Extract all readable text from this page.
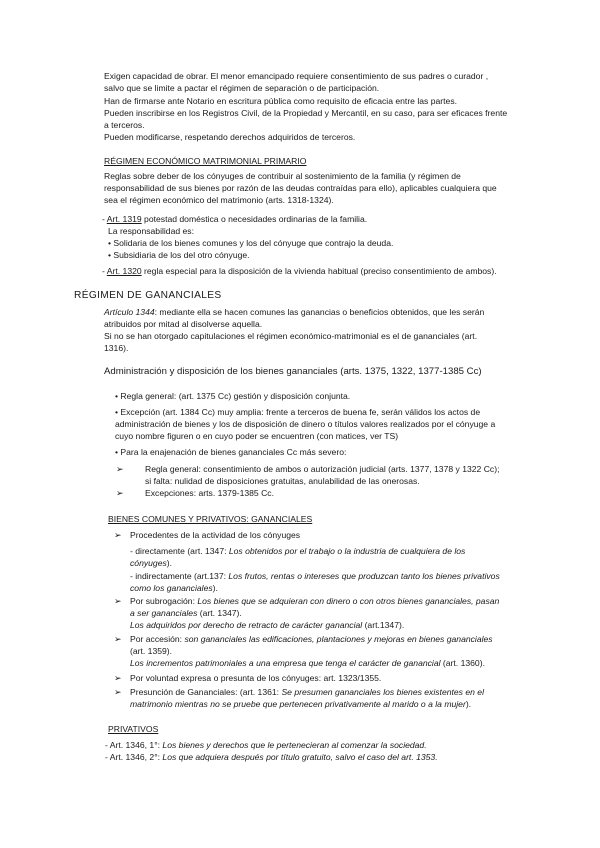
Exigen capacidad de obrar. El menor emancipado requiere consentimiento de sus padres o curador ,

salvo que se limite a pactar el régimen de separación o de participación.

Han de firmarse ante Notario en escritura pública como requisito de eficacia entre las partes.

Pueden inscribirse en los Registros Civil, de la Propiedad y Mercantil, en su caso, para ser eficaces frente

a terceros.

Pueden modificarse, respetando derechos adquiridos de terceros.

RÉGIMEN ECONÓMICO MATRIMONIAL PRIMARIO

Reglas sobre deber de los cónyuges de contribuir al sostenimiento de la familia (y régimen de

responsabilidad de sus bienes por razón de las deudas contraídas para ello), aplicables cualquiera que

sea el régimen económico del matrimonio (arts. 1318-1324).

- Art. 1319 potestad doméstica o necesidades ordinarias de la familia.

La responsabilidad es:

• Solidaria de los bienes comunes y los del cónyuge que contrajo la deuda.

• Subsidiaria de los del otro cónyuge.

- Art. 1320 regla especial para la disposición de la vivienda habitual (preciso consentimiento de ambos).

RÉGIMEN DE GANANCIALES

Artículo 1344: mediante ella se hacen comunes las ganancias o beneficios obtenidos, que les serán

atribuidos por mitad al disolverse aquella.

Si no se han otorgado capitulaciones el régimen económico-matrimonial es el de gananciales (art.

1316).

Administración y disposición de los bienes gananciales (arts. 1375, 1322, 1377-1385 Cc)

• Regla general: (art. 1375 Cc) gestión y disposición conjunta.

• Excepción (art. 1384 Cc) muy amplia: frente a terceros de buena fe, serán válidos los actos de

administración de bienes y los de disposición de dinero o títulos valores realizados por el cónyuge a

cuyo nombre figuren o en cuyo poder se encuentren (con matices, ver TS)

• Para la enajenación de bienes gananciales Cc más severo:

➢ Regla general: consentimiento de ambos o autorización judicial (arts. 1377, 1378 y 1322 Cc);

si falta: nulidad de disposiciones gratuitas, anulabilidad de las onerosas.

➢ Excepciones: arts. 1379-1385 Cc.

BIENES COMUNES Y PRIVATIVOS: GANANCIALES

➢ Procedentes de la actividad de los cónyuges

- directamente (art. 1347: Los obtenidos por el trabajo o la industria de cualquiera de los

cónyuges).

- indirectamente (art.137: Los frutos, rentas o intereses que produzcan tanto los bienes privativos

como los gananciales).

➢ Por subrogación: Los bienes que se adquieran con dinero o con otros bienes gananciales, pasan

a ser gananciales (art. 1347).

Los adquiridos por derecho de retracto de carácter ganancial (art.1347).

➢ Por accesión: son gananciales las edificaciones, plantaciones y mejoras en bienes gananciales

(art. 1359).

Los incrementos patrimoniales a una empresa que tenga el carácter de ganancial (art. 1360).

➢ Por voluntad expresa o presunta de los cónyuges: art. 1323/1355.

➢ Presunción de Gananciales: (art. 1361: Se presumen gananciales los bienes existentes en el

matrimonio mientras no se pruebe que pertenecen privativamente al marido o a la mujer).

PRIVATIVOS

- Art. 1346, 1°: Los bienes y derechos que le pertenecieran al comenzar la sociedad.

- Art. 1346, 2°: Los que adquiera después por título gratuito, salvo el caso del art. 1353.
